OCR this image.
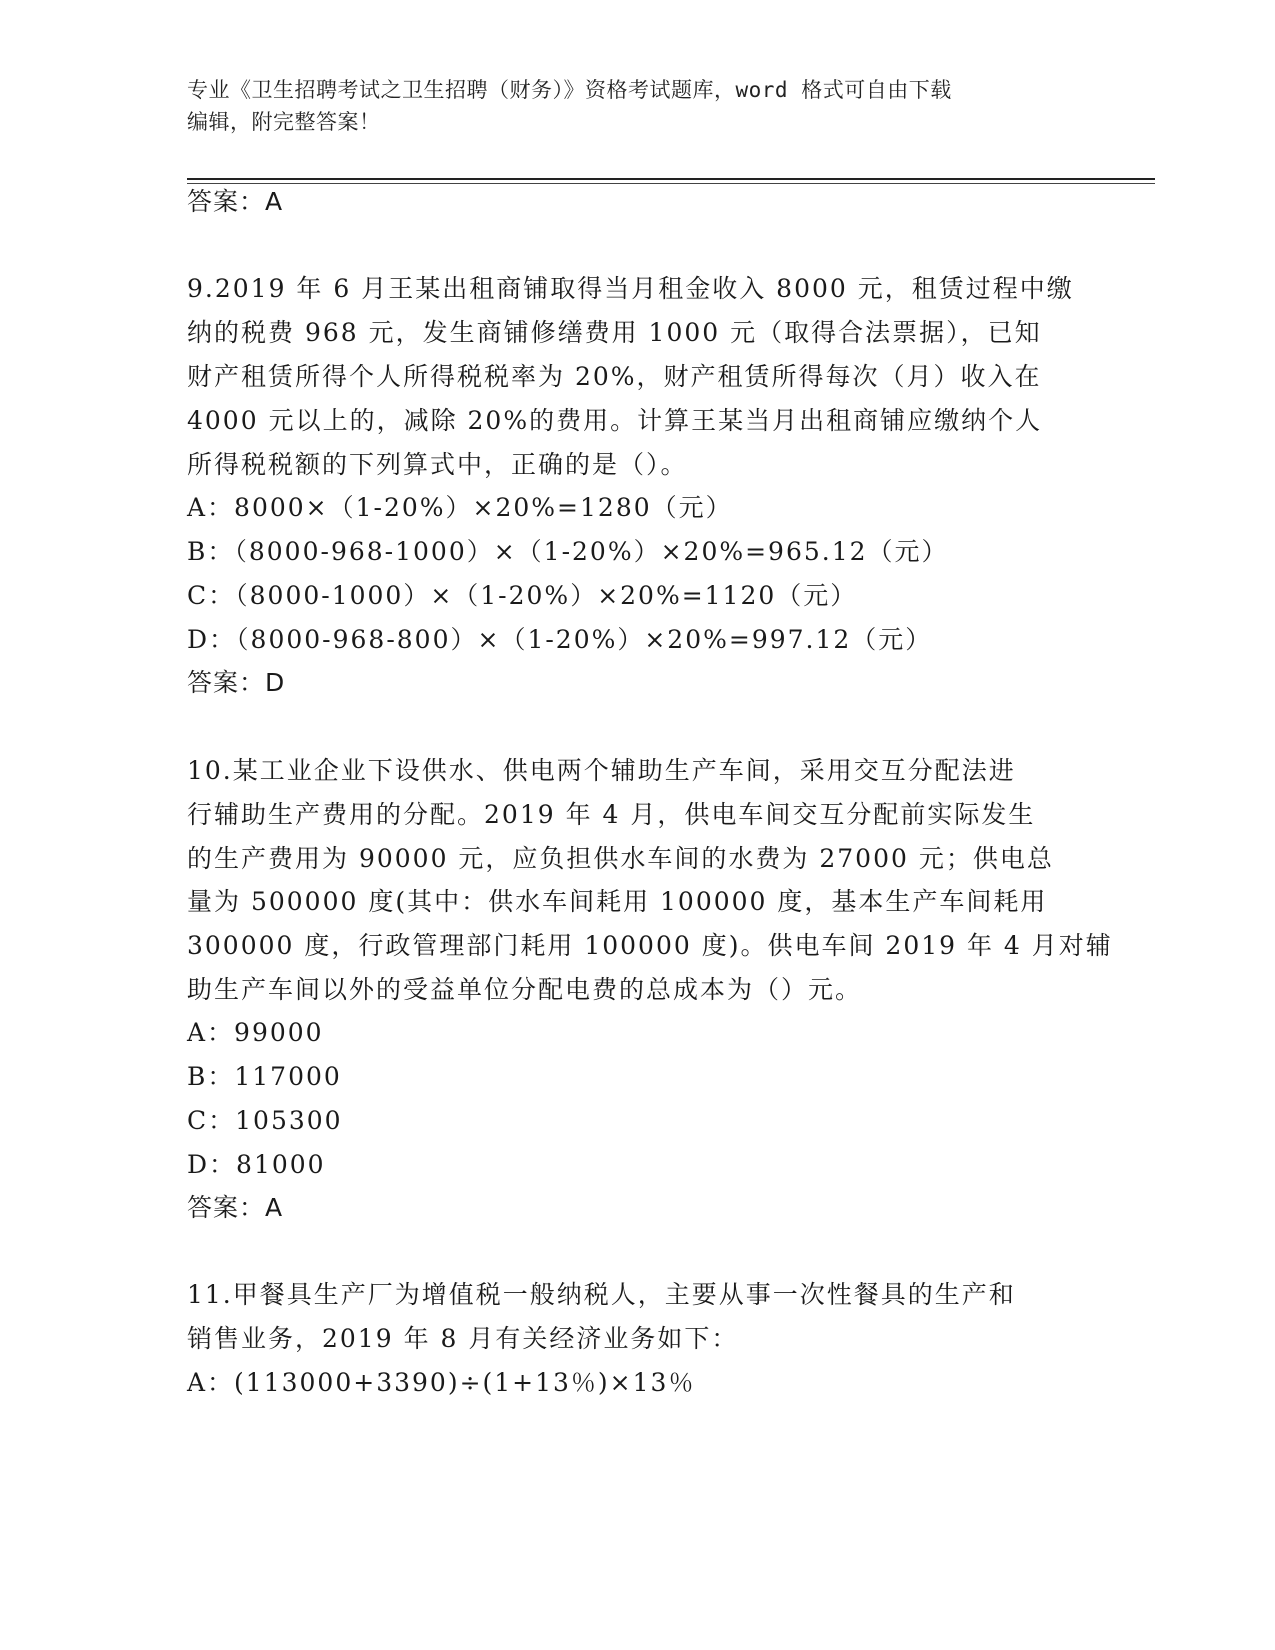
专业《卫生招聘考试之卫生招聘（财务）》资格考试题库，word 格式可自由下载
编辑，附完整答案！
答案：A
9.2019 年 6 月王某出租商铺取得当月租金收入 8000 元，租赁过程中缴
纳的税费 968 元，发生商铺修缮费用 1000 元（取得合法票据），已知
财产租赁所得个人所得税税率为 20%，财产租赁所得每次（月）收入在
4000 元以上的，减除 20%的费用。计算王某当月出租商铺应缴纳个人
所得税税额的下列算式中，正确的是（）。
A：8000×（1-20%）×20%=1280（元）
B：（8000-968-1000）×（1-20%）×20%=965.12（元）
C：（8000-1000）×（1-20%）×20%=1120（元）
D：（8000-968-800）×（1-20%）×20%=997.12（元）
答案：D
10.某工业企业下设供水、供电两个辅助生产车间，采用交互分配法进
行辅助生产费用的分配。2019 年 4 月，供电车间交互分配前实际发生
的生产费用为 90000 元，应负担供水车间的水费为 27000 元；供电总
量为 500000 度(其中：供水车间耗用 100000 度，基本生产车间耗用
300000 度，行政管理部门耗用 100000 度)。供电车间 2019 年 4 月对辅
助生产车间以外的受益单位分配电费的总成本为（）元。
A：99000
B：117000
C：105300
D：81000
答案：A
11.甲餐具生产厂为增值税一般纳税人，主要从事一次性餐具的生产和
销售业务，2019 年 8 月有关经济业务如下：
A：(113000+3390)÷(1+13％)×13％
